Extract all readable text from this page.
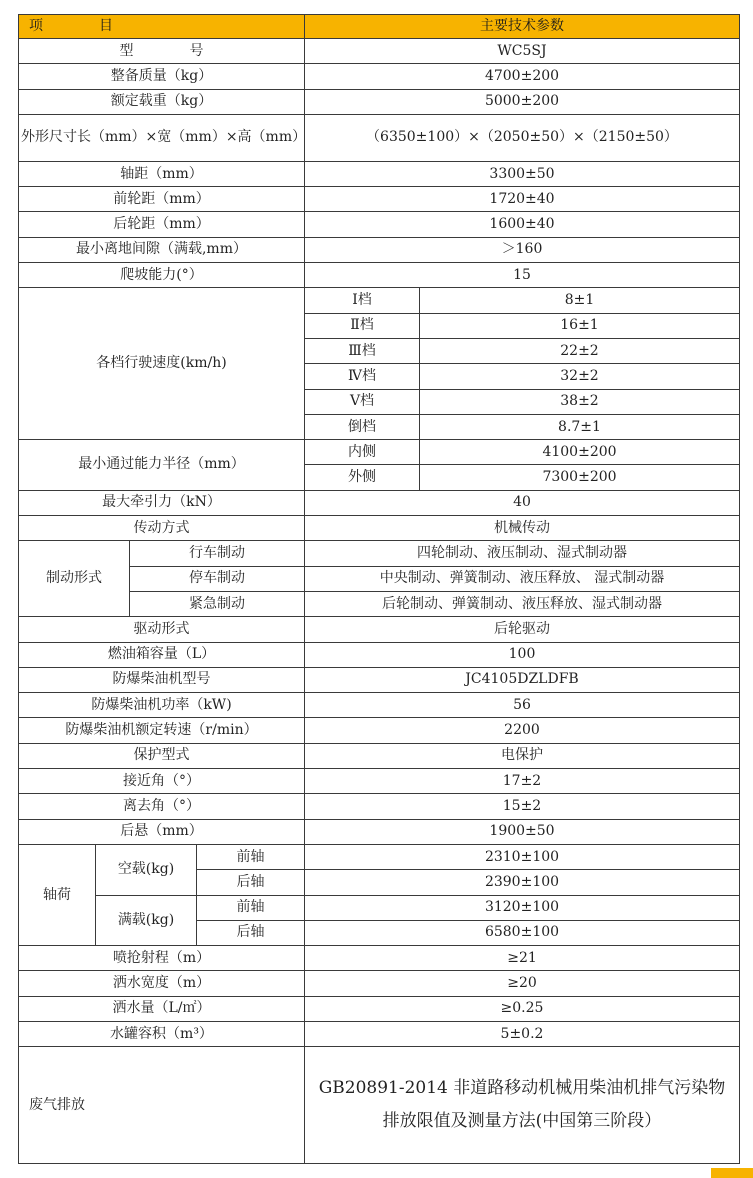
项　　　　目				主要技术参数	
型　　　　号				WC5SJ	
整备质量（kg）				4700±200	
额定载重（kg）				5000±200	
外形尺寸长（mm）×宽（mm）×高（mm）				（6350±100）×（2050±50）×（2150±50）	
轴距（mm）				3300±50	
前轮距（mm）				1720±40	
后轮距（mm）				1600±40	
最小离地间隙（满载,mm）				＞160	
爬坡能力(°）				15	
各档行驶速度(km/h)				Ⅰ档	8±1
				Ⅱ档	16±1
				Ⅲ档	22±2
				Ⅳ档	32±2
				Ⅴ档	38±2
				倒档	8.7±1
最小通过能力半径（mm）				内侧	4100±200
				外侧	7300±200
最大牵引力（kN）				40	
传动方式				机械传动	
制动形式		行车制动		四轮制动、液压制动、湿式制动器	
		停车制动		中央制动、弹簧制动、液压释放、 湿式制动器	
		紧急制动		后轮制动、弹簧制动、液压释放、湿式制动器	
驱动形式				后轮驱动	
燃油箱容量（L）				100	
防爆柴油机型号				JC4105DZLDFB	
防爆柴油机功率（kW)				56	
防爆柴油机额定转速（r/min）				2200	
保护型式				电保护	
接近角（°）				17±2	
离去角（°）				15±2	
后悬（mm）				1900±50	
轴荷	空载(kg)		前轴	2310±100	
			后轴	2390±100	
	满载(kg)		前轴	3120±100	
			后轴	6580±100	
喷抢射程（m）				≥21	
洒水宽度（m）				≥20	
洒水量（L/㎡）				≥0.25	
水罐容积（m³）				5±0.2	
废气排放				GB20891-2014 非道路移动机械用柴油机排气污染物排放限值及测量方法(中国第三阶段）	
